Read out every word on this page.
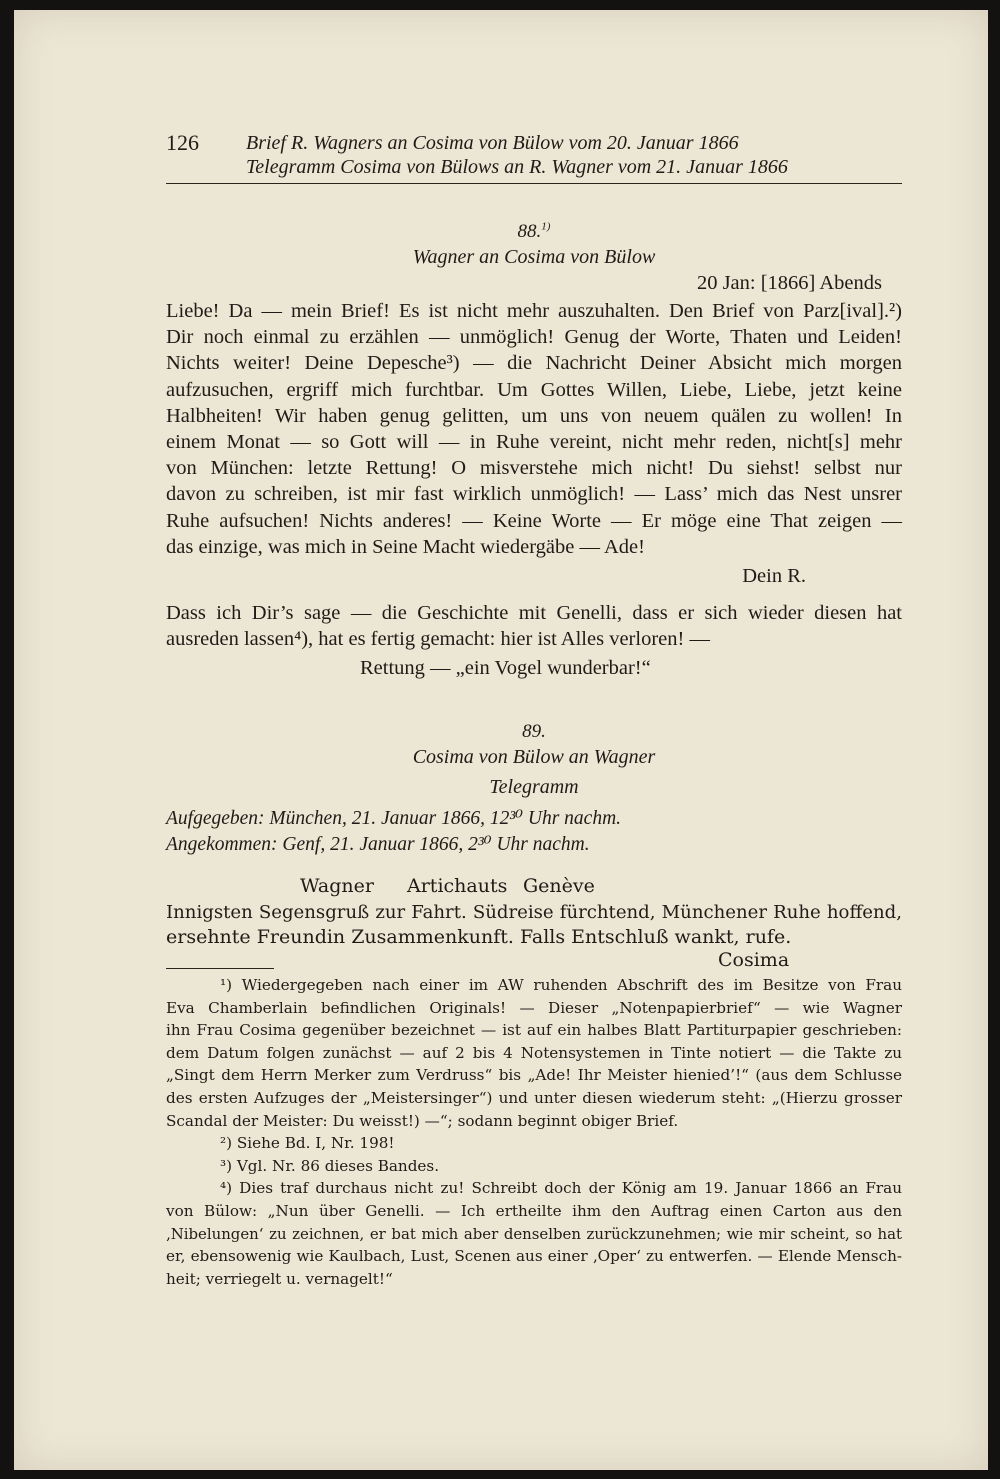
126 Brief R. Wagners an Cosima von Bülow vom 20. Januar 1866
Telegramm Cosima von Bülows an R. Wagner vom 21. Januar 1866
88.$^{1)}$
Wagner an Cosima von Bülow
20 Jan: [1866] Abends
Liebe! Da — mein Brief! Es ist nicht mehr auszuhalten. Den Brief von Parz[ival].²)
Dir noch einmal zu erzählen — unmöglich! Genug der Worte, Thaten und Leiden!
Nichts weiter! Deine Depesche³) — die Nachricht Deiner Absicht mich morgen
aufzusuchen, ergriff mich furchtbar. Um Gottes Willen, Liebe, Liebe, jetzt keine
Halbheiten! Wir haben genug gelitten, um uns von neuem quälen zu wollen! In
einem Monat — so Gott will — in Ruhe vereint, nicht mehr reden, nicht[s] mehr
von München: letzte Rettung! O misverstehe mich nicht! Du siehst! selbst nur
davon zu schreiben, ist mir fast wirklich unmöglich! — Lass’ mich das Nest unsrer
Ruhe aufsuchen! Nichts anderes! — Keine Worte — Er möge eine That zeigen —
das einzige, was mich in Seine Macht wiedergäbe — Ade!
Dein R.
Dass ich Dir’s sage — die Geschichte mit Genelli, dass er sich wieder diesen hat
ausreden lassen⁴), hat es fertig gemacht: hier ist Alles verloren! —
Rettung — „ein Vogel wunderbar!“
89.
Cosima von Bülow an Wagner
Telegramm
Aufgegeben: München, 21. Januar 1866, 12³⁰ Uhr nachm.
Angekommen: Genf, 21. Januar 1866, 2³⁰ Uhr nachm.
Wagner Artichauts Genève
Innigsten Segensgruß zur Fahrt. Südreise fürchtend, Münchener Ruhe hoffend,
ersehnte Freundin Zusammenkunft. Falls Entschluß wankt, rufe.
Cosima
¹) Wiedergegeben nach einer im AW ruhenden Abschrift des im Besitze von Frau
Eva Chamberlain befindlichen Originals! — Dieser „Notenpapierbrief“ — wie Wagner
ihn Frau Cosima gegenüber bezeichnet — ist auf ein halbes Blatt Partiturpapier geschrieben:
dem Datum folgen zunächst — auf 2 bis 4 Notensystemen in Tinte notiert — die Takte zu
„Singt dem Herrn Merker zum Verdruss“ bis „Ade! Ihr Meister hienied’!“ (aus dem Schlusse
des ersten Aufzuges der „Meistersinger“) und unter diesen wiederum steht: „(Hierzu grosser
Scandal der Meister: Du weisst!) —“; sodann beginnt obiger Brief.
²) Siehe Bd. I, Nr. 198!
³) Vgl. Nr. 86 dieses Bandes.
⁴) Dies traf durchaus nicht zu! Schreibt doch der König am 19. Januar 1866 an Frau
von Bülow: „Nun über Genelli. — Ich ertheilte ihm den Auftrag einen Carton aus den
‚Nibelungen‘ zu zeichnen, er bat mich aber denselben zurückzunehmen; wie mir scheint, so hat
er, ebensowenig wie Kaulbach, Lust, Scenen aus einer ‚Oper‘ zu entwerfen. — Elende Mensch-
heit; verriegelt u. vernagelt!“
